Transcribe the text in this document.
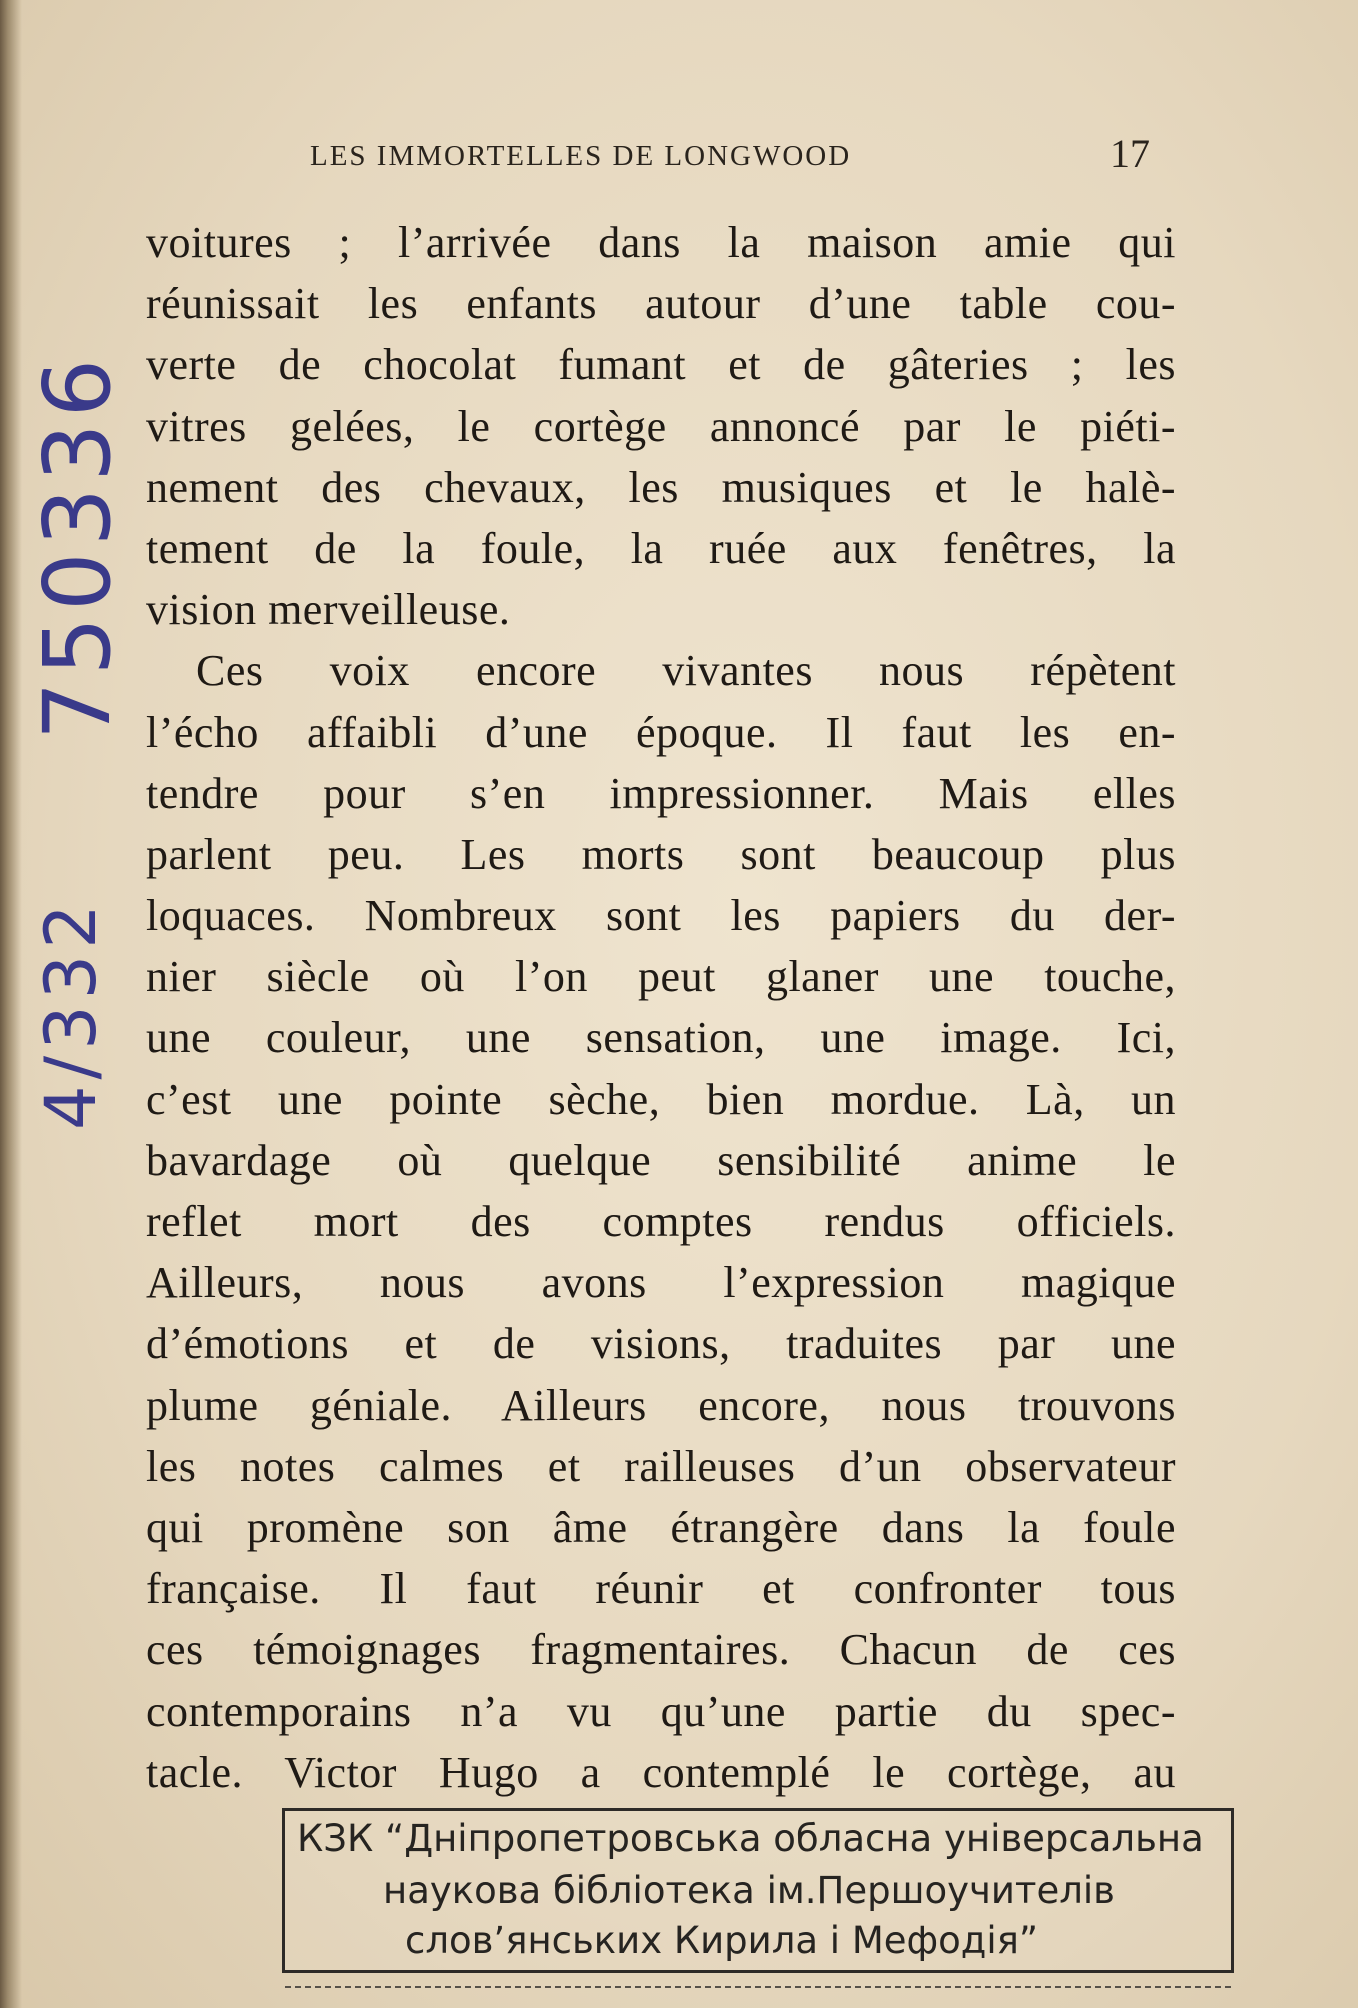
LES IMMORTELLES DE LONGWOOD	17
750336
4/332
voitures ; l’arrivée dans la maison amie qui
réunissait les enfants autour d’une table cou-
verte de chocolat fumant et de gâteries ; les
vitres gelées, le cortège annoncé par le piéti-
nement des chevaux, les musiques et le halè-
tement de la foule, la ruée aux fenêtres, la
vision merveilleuse.
Ces voix encore vivantes nous répètent
l’écho affaibli d’une époque. Il faut les en-
tendre pour s’en impressionner. Mais elles
parlent peu. Les morts sont beaucoup plus
loquaces. Nombreux sont les papiers du der-
nier siècle où l’on peut glaner une touche,
une couleur, une sensation, une image. Ici,
c’est une pointe sèche, bien mordue. Là, un
bavardage où quelque sensibilité anime le
reflet mort des comptes rendus officiels.
Ailleurs, nous avons l’expression magique
d’émotions et de visions, traduites par une
plume géniale. Ailleurs encore, nous trouvons
les notes calmes et railleuses d’un observateur
qui promène son âme étrangère dans la foule
française. Il faut réunir et confronter tous
ces témoignages fragmentaires. Chacun de ces
contemporains n’a vu qu’une partie du spec-
tacle. Victor Hugo a contemplé le cortège, au
КЗК “Дніпропетровська обласна універсальна
наукова бібліотека ім.Першоучителів
слов’янських Кирила і Мефодія”
